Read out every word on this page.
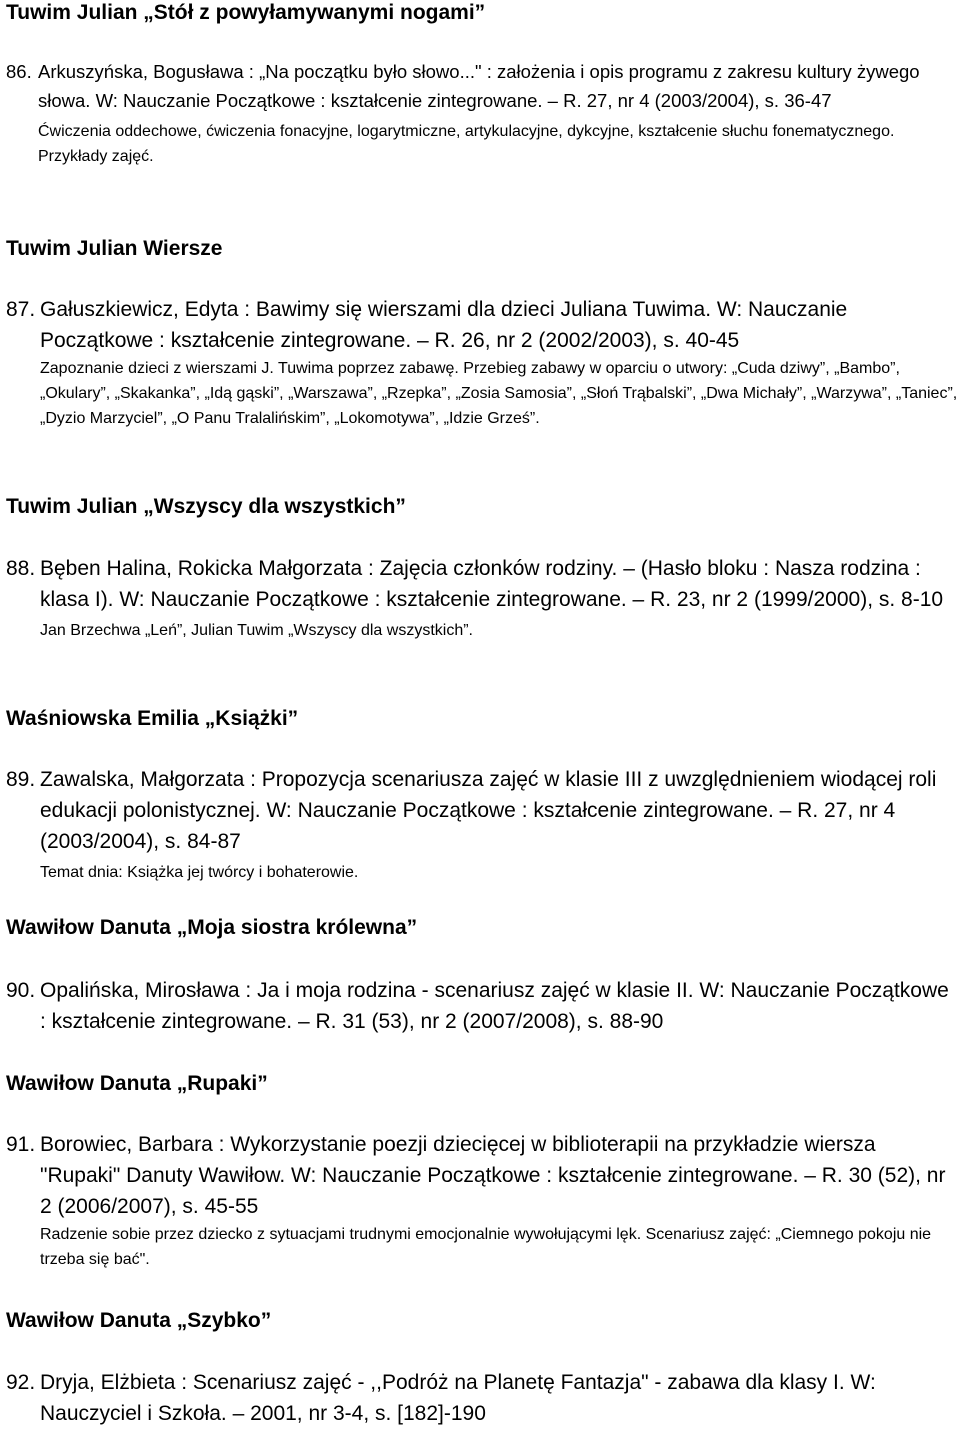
Tuwim Julian „Stół z powyłamywanymi nogami”
86. Arkuszyńska, Bogusława : „Na początku było słowo..." : założenia i opis programu z zakresu kultury żywego słowa. W: Nauczanie Początkowe : kształcenie zintegrowane. – R. 27, nr 4 (2003/2004), s. 36-47

Ćwiczenia oddechowe, ćwiczenia fonacyjne, logarytmiczne, artykulacyjne, dykcyjne, kształcenie słuchu fonematycznego. Przykłady zajęć.

Tuwim Julian Wiersze
87. Gałuszkiewicz, Edyta : Bawimy się wierszami dla dzieci Juliana Tuwima. W: Nauczanie Początkowe : kształcenie zintegrowane. – R. 26, nr 2 (2002/2003), s. 40-45

Zapoznanie dzieci z wierszami J. Tuwima poprzez zabawę. Przebieg zabawy w oparciu o utwory: „Cuda dziwy”, „Bambo”, „Okulary”, „Skakanka”, „Idą gąski”, „Warszawa”, „Rzepka”, „Zosia Samosia”, „Słoń Trąbalski”, „Dwa Michały”, „Warzywa”, „Taniec”, „Dyzio Marzyciel”, „O Panu Tralalińskim”, „Lokomotywa”, „Idzie Grześ”.

Tuwim Julian „Wszyscy dla wszystkich”
88. Bęben Halina, Rokicka Małgorzata : Zajęcia członków rodziny. – (Hasło bloku : Nasza rodzina : klasa I). W: Nauczanie Początkowe : kształcenie zintegrowane. – R. 23, nr 2 (1999/2000), s. 8-10

Jan Brzechwa „Leń”, Julian Tuwim „Wszyscy dla wszystkich”.

Waśniowska Emilia „Książki”
89. Zawalska, Małgorzata : Propozycja scenariusza zajęć w klasie III z uwzględnieniem wiodącej roli edukacji polonistycznej. W: Nauczanie Początkowe : kształcenie zintegrowane. – R. 27, nr 4 (2003/2004), s. 84-87

Temat dnia: Książka jej twórcy i bohaterowie.

Wawiłow Danuta „Moja siostra królewna”
90. Opalińska, Mirosława : Ja i moja rodzina - scenariusz zajęć w klasie II. W: Nauczanie Początkowe : kształcenie zintegrowane. – R. 31 (53), nr 2 (2007/2008), s. 88-90

Wawiłow Danuta „Rupaki”
91. Borowiec, Barbara : Wykorzystanie poezji dziecięcej w biblioterapii na przykładzie wiersza "Rupaki" Danuty Wawiłow. W: Nauczanie Początkowe : kształcenie zintegrowane. – R. 30 (52), nr 2 (2006/2007), s. 45-55

Radzenie sobie przez dziecko z sytuacjami trudnymi emocjonalnie wywołującymi lęk. Scenariusz zajęć: „Ciemnego pokoju nie trzeba się bać".

Wawiłow Danuta „Szybko”
92. Dryja, Elżbieta : Scenariusz zajęć - ,,Podróż na Planetę Fantazja" - zabawa dla klasy I. W: Nauczyciel i Szkoła. – 2001, nr 3-4, s. [182]-190
